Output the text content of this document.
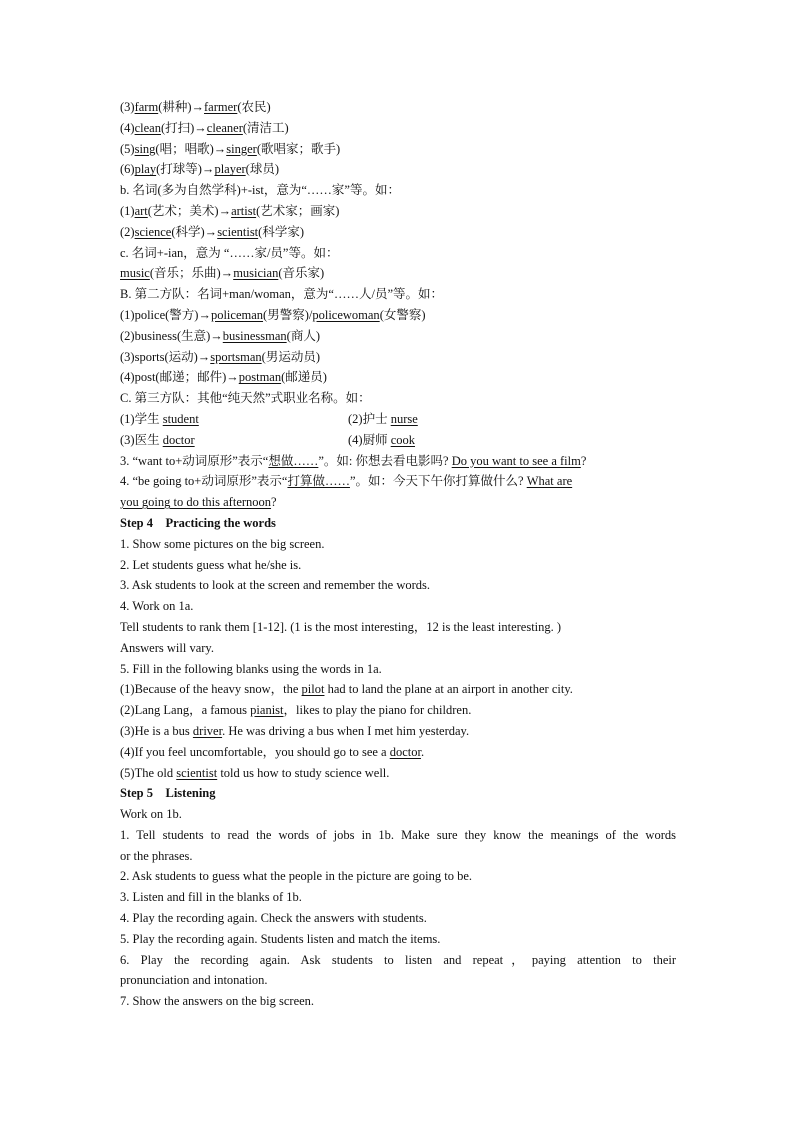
(3)farm(耕种)→farmer(农民)
(4)clean(打扫)→cleaner(清洁工)
(5)sing(唱；唱歌)→singer(歌唱家；歌手)
(6)play(打球等)→player(球员)
b. 名词(多为自然学科)+-ist，意为“……家”等。如：
(1)art(艺术；美术)→artist(艺术家；画家)
(2)science(科学)→scientist(科学家)
c. 名词+-ian，意为 “……家/员”等。如：
music(音乐；乐曲)→musician(音乐家)
B. 第二方队：名词+man/woman，意为“……人/员”等。如：
(1)police(警方)→policeman(男警察)/policewoman(女警察)
(2)business(生意)→businessman(商人)
(3)sports(运动)→sportsman(男运动员)
(4)post(邮递；邮件)→postman(邮递员)
C. 第三方队：其他“纯天然”式职业名称。如：
(1)学生 student	(2)护士 nurse
(3)医生 doctor	(4)厨师 cook
3. “want to+动词原形”表示“想做……”。如: 你想去看电影吗? Do you want to see a film?
4. “be going to+动词原形”表示“打算做……”。如：今天下午你打算做什么? What are
you going to do this afternoon?
Step 4　Practicing the words
1. Show some pictures on the big screen.
2. Let students guess what he/she is.
3. Ask students to look at the screen and remember the words.
4. Work on 1a.
Tell students to rank them [1-12]. (1 is the most interesting，12 is the least interesting. )
Answers will vary.
5. Fill in the following blanks using the words in 1a.
(1)Because of the heavy snow，the pilot had to land the plane at an airport in another city.
(2)Lang Lang，a famous pianist，likes to play the piano for children.
(3)He is a bus driver. He was driving a bus when I met him yesterday.
(4)If you feel uncomfortable，you should go to see a doctor.
(5)The old scientist told us how to study science well.
Step 5　Listening
Work on 1b.
1. Tell students to read the words of jobs in 1b. Make sure they know the meanings of the words
or the phrases.
2. Ask students to guess what the people in the picture are going to be.
3. Listen and fill in the blanks of 1b.
4. Play the recording again. Check the answers with students.
5. Play the recording again. Students listen and match the items.
6. Play the recording again. Ask students to listen and repeat，paying attention to their
pronunciation and intonation.
7. Show the answers on the big screen.
